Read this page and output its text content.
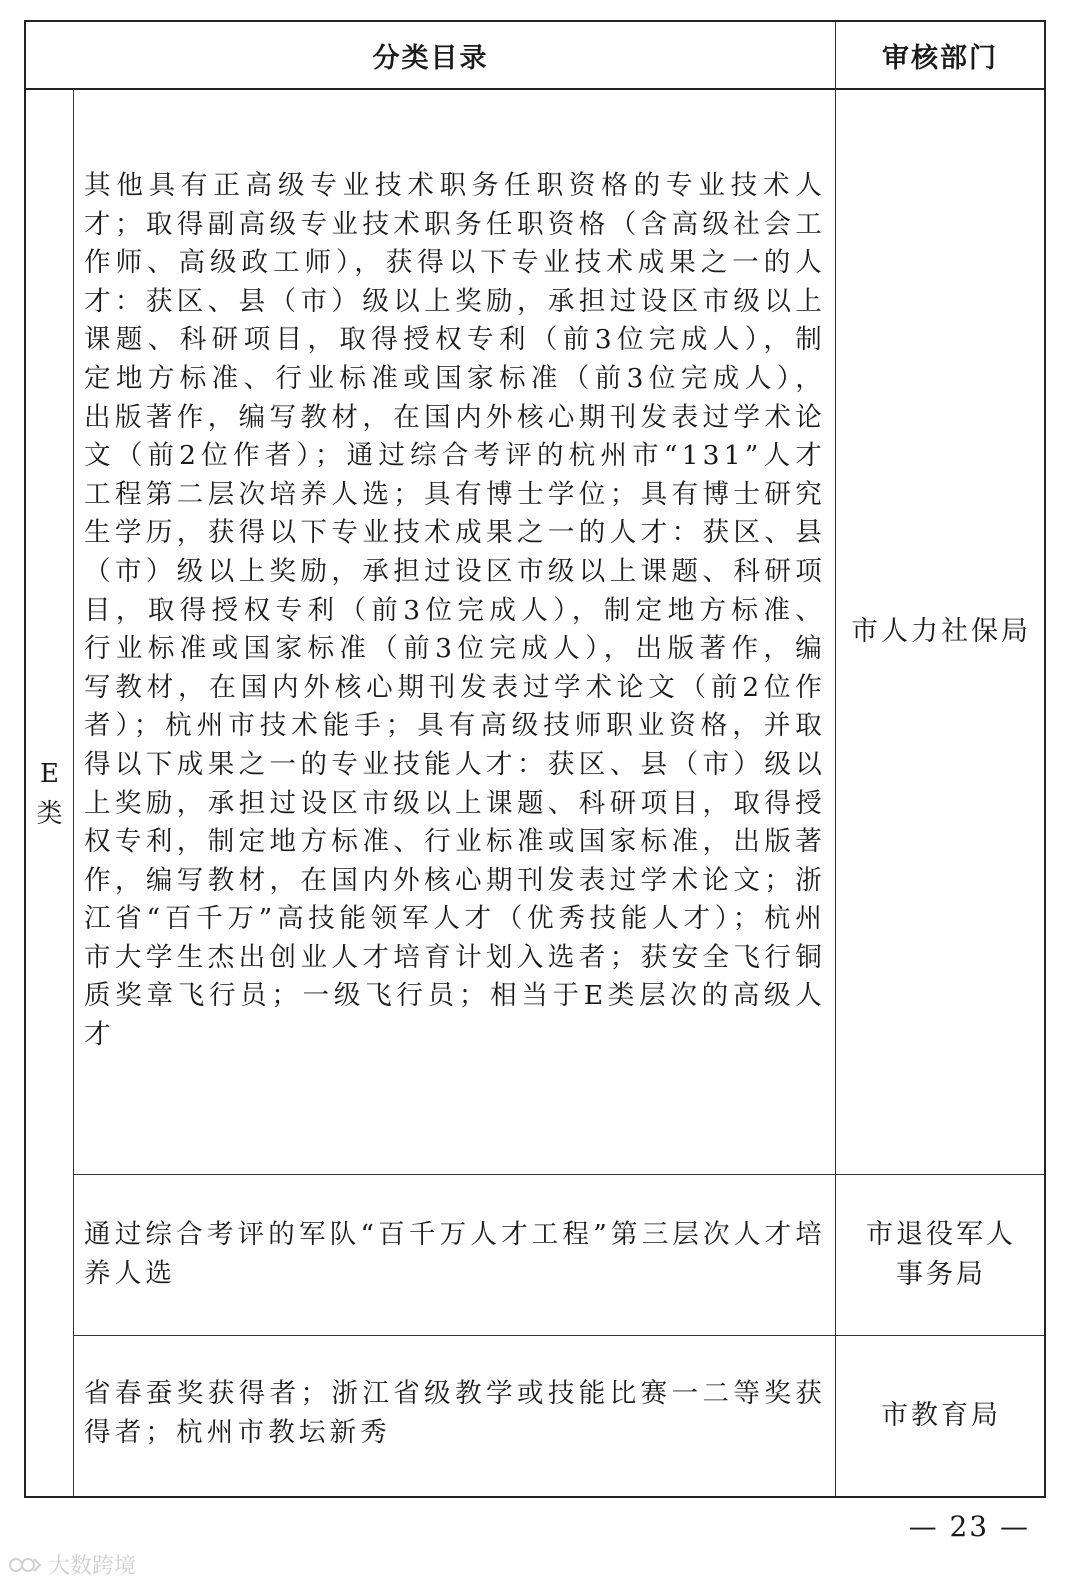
分类目录	审核部门
E
类
其他具有正高级专业技术职务任职资格的专业技术人才；取得副高级专业技术职务任职资格（含高级社会工作师、高级政工师），获得以下专业技术成果之一的人才：获区、县（市）级以上奖励，承担过设区市级以上课题、科研项目，取得授权专利（前3位完成人），制定地方标准、行业标准或国家标准（前3位完成人），出版著作，编写教材，在国内外核心期刊发表过学术论文（前2位作者）；通过综合考评的杭州市“131”人才工程第二层次培养人选；具有博士学位；具有博士研究生学历，获得以下专业技术成果之一的人才：获区、县（市）级以上奖励，承担过设区市级以上课题、科研项目，取得授权专利（前3位完成人），制定地方标准、行业标准或国家标准（前3位完成人），出版著作，编写教材，在国内外核心期刊发表过学术论文（前2位作者）；杭州市技术能手；具有高级技师职业资格，并取得以下成果之一的专业技能人才：获区、县（市）级以上奖励，承担过设区市级以上课题、科研项目，取得授权专利，制定地方标准、行业标准或国家标准，出版著作，编写教材，在国内外核心期刊发表过学术论文；浙江省“百千万”高技能领军人才（优秀技能人才）；杭州市大学生杰出创业人才培育计划入选者；获安全飞行铜质奖章飞行员；一级飞行员；相当于E类层次的高级人才
市人力社保局
通过综合考评的军队“百千万人才工程”第三层次人才培养人选
市退役军人
事务局
省春蚕奖获得者；浙江省级教学或技能比赛一二等奖获得者；杭州市教坛新秀
市教育局
— 23 —
大数跨境
